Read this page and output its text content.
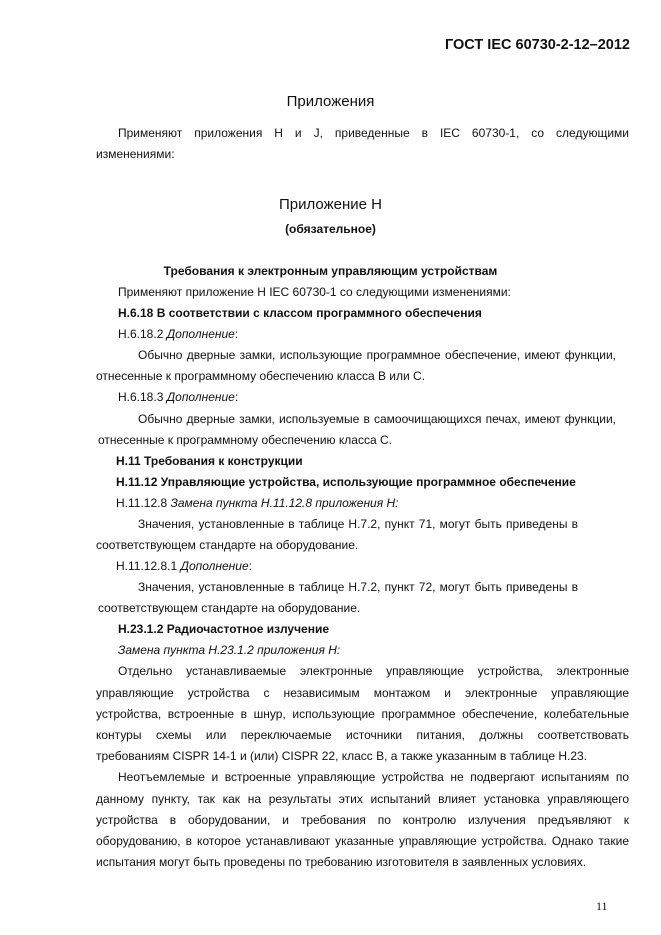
ГОСТ IEC 60730-2-12–2012
Приложения
Применяют приложения H и J, приведенные в IEC 60730-1, со следующими
изменениями:
Приложение H
(обязательное)
Требования к электронным управляющим устройствам
Применяют приложение H IEC 60730-1 со следующими изменениями:
H.6.18 В соответствии с классом программного обеспечения
H.6.18.2 Дополнение:
Обычно дверные замки, использующие программное обеспечение, имеют функции,
отнесенные к программному обеспечению класса В или С.
H.6.18.3 Дополнение:
Обычно дверные замки, используемые в самоочищающихся печах, имеют функции,
отнесенные к программному обеспечению класса С.
H.11 Требования к конструкции
H.11.12 Управляющие устройства, использующие программное обеспечение
H.11.12.8 Замена пункта H.11.12.8 приложения H:
Значения, установленные в таблице H.7.2, пункт 71, могут быть приведены в
соответствующем стандарте на оборудование.
H.11.12.8.1 Дополнение:
Значения, установленные в таблице H.7.2, пункт 72, могут быть приведены в
соответствующем стандарте на оборудование.
H.23.1.2 Радиочастотное излучение
Замена пункта H.23.1.2 приложения H:
Отдельно устанавливаемые электронные управляющие устройства, электронные
управляющие устройства с независимым монтажом и электронные управляющие
устройства, встроенные в шнур, использующие программное обеспечение, колебательные
контуры схемы или переключаемые источники питания, должны соответствовать
требованиям CISPR 14-1 и (или) CISPR 22, класс В, а также указанным в таблице H.23.
Неотъемлемые и встроенные управляющие устройства не подвергают испытаниям по
данному пункту, так как на результаты этих испытаний влияет установка управляющего
устройства в оборудовании, и требования по контролю излучения предъявляют к
оборудованию, в которое устанавливают указанные управляющие устройства. Однако такие
испытания могут быть проведены по требованию изготовителя в заявленных условиях.
11
